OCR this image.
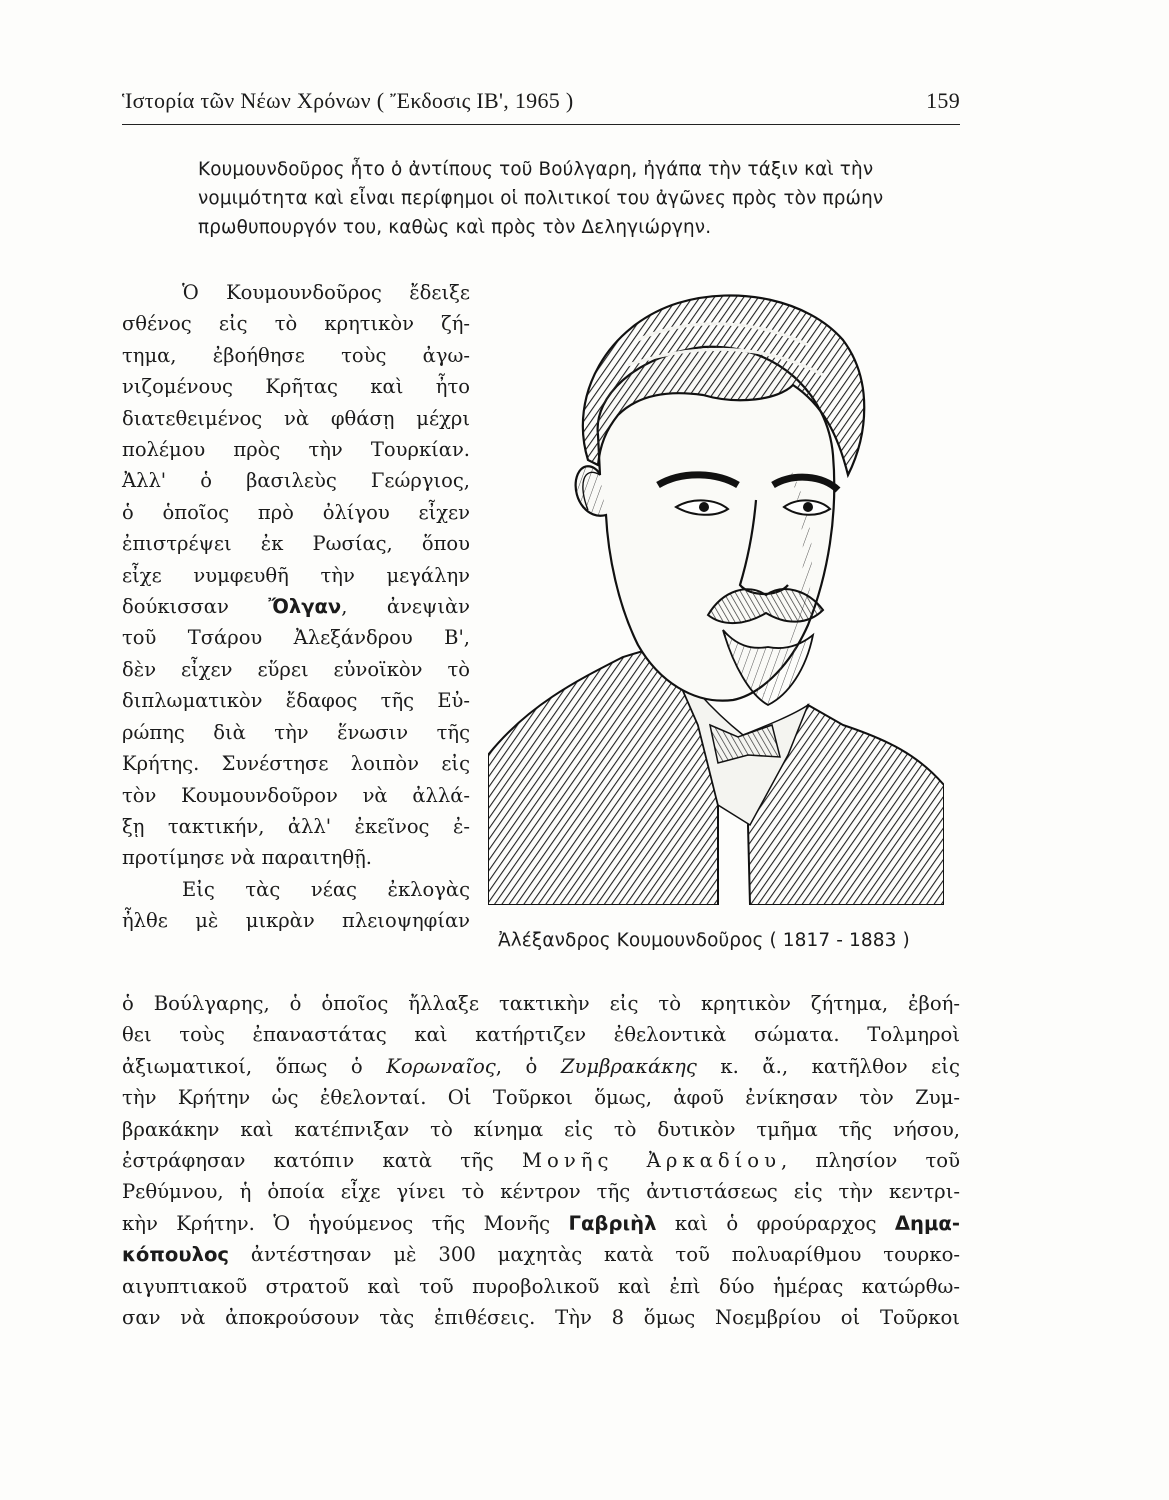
Ἱστορία τῶν Νέων Χρόνων ( Ἔκδοσις ΙΒ', 1965 )	159
Κουμουνδοῦρος ἦτο ὁ ἀντίπους τοῦ Βούλγαρη, ἠγάπα τὴν τάξιν καὶ τὴν
νομιμότητα καὶ εἶναι περίφημοι οἱ πολιτικοί του ἀγῶνες πρὸς τὸν πρώην
πρωθυπουργόν του, καθὼς καὶ πρὸς τὸν Δεληγιώργην.
Ὁ Κουμουνδοῦρος ἔδειξε
σθένος εἰς τὸ κρητικὸν ζή-
τημα, ἐβοήθησε τοὺς ἀγω-
νιζομένους Κρῆτας καὶ ἦτο
διατεθειμένος νὰ φθάσῃ μέχρι
πολέμου πρὸς τὴν Τουρκίαν.
Ἀλλ' ὁ βασιλεὺς Γεώργιος,
ὁ ὁποῖος πρὸ ὀλίγου εἶχεν
ἐπιστρέψει ἐκ Ρωσίας, ὅπου
εἶχε νυμφευθῆ τὴν μεγάλην
δούκισσαν Ὄλγαν, ἀνεψιὰν
τοῦ Τσάρου Ἀλεξάνδρου Β',
δὲν εἶχεν εὕρει εὐνοϊκὸν τὸ
διπλωματικὸν ἔδαφος τῆς Εὐ-
ρώπης διὰ τὴν ἕνωσιν τῆς
Κρήτης. Συνέστησε λοιπὸν εἰς
τὸν Κουμουνδοῦρον νὰ ἀλλά-
ξῃ τακτικήν, ἀλλ' ἐκεῖνος ἐ-
προτίμησε νὰ παραιτηθῇ.
Εἰς τὰς νέας ἐκλογὰς
ἦλθε μὲ μικρὰν πλειοψηφίαν
Ἀλέξανδρος Κουμουνδοῦρος ( 1817 - 1883 )
ὁ Βούλγαρης, ὁ ὁποῖος ἤλλαξε τακτικὴν εἰς τὸ κρητικὸν ζήτημα, ἐβοή-
θει τοὺς ἐπαναστάτας καὶ κατήρτιζεν ἐθελοντικὰ σώματα. Τολμηροὶ
ἀξιωματικοί, ὅπως ὁ Κορωναῖος, ὁ Ζυμβρακάκης κ. ἄ., κατῆλθον εἰς
τὴν Κρήτην ὡς ἐθελονταί. Οἱ Τοῦρκοι ὅμως, ἀφοῦ ἐνίκησαν τὸν Ζυμ-
βρακάκην καὶ κατέπνιξαν τὸ κίνημα εἰς τὸ δυτικὸν τμῆμα τῆς νήσου,
ἐστράφησαν κατόπιν κατὰ τῆς Μονῆς Ἀρκαδίου, πλησίον τοῦ
Ρεθύμνου, ἡ ὁποία εἶχε γίνει τὸ κέντρον τῆς ἀντιστάσεως εἰς τὴν κεντρι-
κὴν Κρήτην. Ὁ ἡγούμενος τῆς Μονῆς Γαβριὴλ καὶ ὁ φρούραρχος Δημα-
κόπουλος ἀντέστησαν μὲ 300 μαχητὰς κατὰ τοῦ πολυαρίθμου τουρκο-
αιγυπτιακοῦ στρατοῦ καὶ τοῦ πυροβολικοῦ καὶ ἐπὶ δύο ἡμέρας κατώρθω-
σαν νὰ ἀποκρούσουν τὰς ἐπιθέσεις. Τὴν 8 ὅμως Νοεμβρίου οἱ Τοῦρκοι
